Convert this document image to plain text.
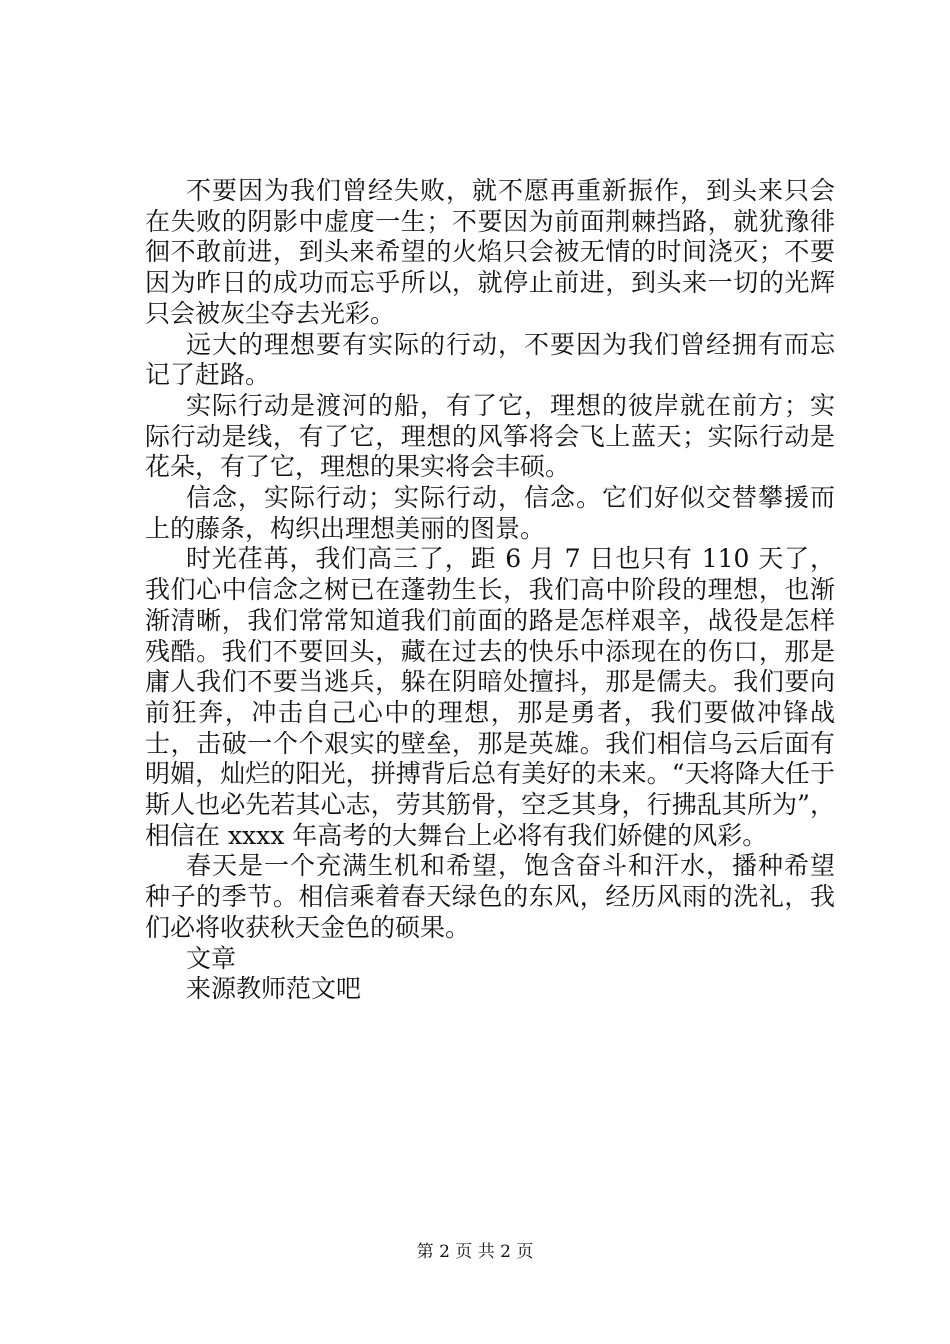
不要因为我们曾经失败，就不愿再重新振作，到头来只会在失败的阴影中虚度一生；不要因为前面荆棘挡路，就犹豫徘徊不敢前进，到头来希望的火焰只会被无情的时间浇灭；不要因为昨日的成功而忘乎所以，就停止前进，到头来一切的光辉只会被灰尘夺去光彩。

远大的理想要有实际的行动，不要因为我们曾经拥有而忘记了赶路。

实际行动是渡河的船，有了它，理想的彼岸就在前方；实际行动是线，有了它，理想的风筝将会飞上蓝天；实际行动是花朵，有了它，理想的果实将会丰硕。

信念，实际行动；实际行动，信念。它们好似交替攀援而上的藤条，构织出理想美丽的图景。

时光荏苒，我们高三了，距 6 月 7 日也只有 110 天了，我们心中信念之树已在蓬勃生长，我们高中阶段的理想，也渐渐清晰，我们常常知道我们前面的路是怎样艰辛，战役是怎样残酷。我们不要回头，藏在过去的快乐中添现在的伤口，那是庸人我们不要当逃兵，躲在阴暗处擅抖，那是儒夫。我们要向前狂奔，冲击自己心中的理想，那是勇者，我们要做冲锋战士，击破一个个艰实的壁垒，那是英雄。我们相信乌云后面有明媚，灿烂的阳光，拼搏背后总有美好的未来。“天将降大任于斯人也必先若其心志，劳其筋骨，空乏其身，行拂乱其所为”，相信在 xxxx 年高考的大舞台上必将有我们娇健的风彩。

春天是一个充满生机和希望，饱含奋斗和汗水，播种希望种子的季节。相信乘着春天绿色的东风，经历风雨的洗礼，我们必将收获秋天金色的硕果。

文章
来源教师范文吧
第 2 页 共 2 页
